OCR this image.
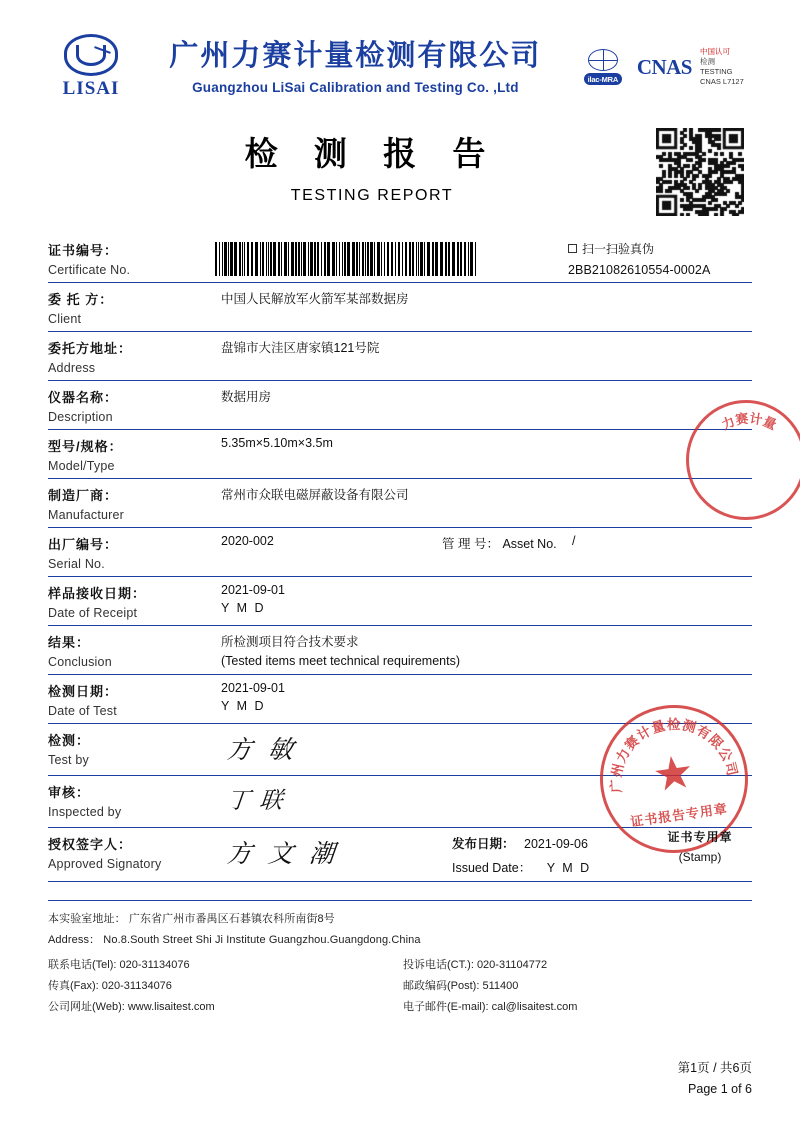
LISAI
广州力赛计量检测有限公司
Guangzhou LiSai Calibration and Testing Co. ,Ltd
ilac-MRA
CNAS
中国认可
检测
TESTING
CNAS L7127
检 测 报 告
TESTING REPORT
证书编号：
Certificate No.

扫一扫验真伪
2BB21082610554-0002A

委 托 方：
Client	中国人民解放军火箭军某部数据房

委托方地址：
Address	盘锦市大洼区唐家镇121号院

仪器名称：
Description	数据用房

型号/规格：
Model/Type	5.35m×5.10m×3.5m

制造厂商：
Manufacturer	常州市众联电磁屏蔽设备有限公司

出厂编号：
Serial No.

2020-002	管 理 号： Asset No.	/

样品接收日期：
Date of Receipt	2021-09-01
Y M D

结果：
Conclusion	所检测项目符合技术要求
(Tested items meet technical requirements)

检测日期：
Date of Test	2021-09-01
Y M D

检测：
Test by	方 敏

审核：
Inspected by	丁 联

授权签字人：
Approved Signatory	方 文 潮	发布日期： 2021-09-06
Issued Date： Y M D
本实验室地址： 广东省广州市番禺区石碁镇农科所南街8号
Address： No.8.South Street Shi Ji Institute Guangzhou.Guangdong.China
联系电话(Tel): 020-31134076	投诉电话(CT.): 020-31104772
传真(Fax): 020-31134076	邮政编码(Post): 511400
公司网址(Web): www.lisaitest.com	电子邮件(E-mail): cal@lisaitest.com
第1页 / 共6页
Page 1 of 6
★
广州力赛计量检测有限公司
证书报告专用章
力赛计量
证书专用章
(Stamp)
